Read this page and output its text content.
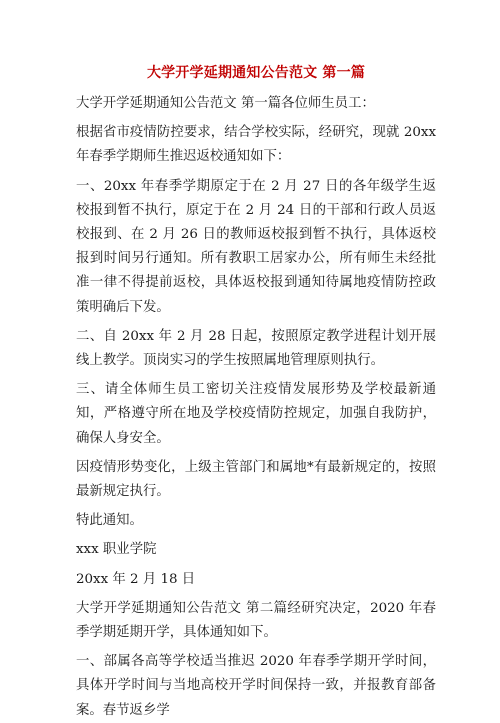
大学开学延期通知公告范文 第一篇

大学开学延期通知公告范文 第一篇各位师生员工：

根据省市疫情防控要求，结合学校实际，经研究，现就 20xx 年春季学期师生推迟返校通知如下：

一、20xx 年春季学期原定于在 2 月 27 日的各年级学生返校报到暂不执行，原定于在 2 月 24 日的干部和行政人员返校报到、在 2 月 26 日的教师返校报到暂不执行，具体返校报到时间另行通知。所有教职工居家办公，所有师生未经批准一律不得提前返校，具体返校报到通知待属地疫情防控政策明确后下发。

二、自 20xx 年 2 月 28 日起，按照原定教学进程计划开展线上教学。顶岗实习的学生按照属地管理原则执行。

三、请全体师生员工密切关注疫情发展形势及学校最新通知，严格遵守所在地及学校疫情防控规定，加强自我防护，确保人身安全。

因疫情形势变化，上级主管部门和属地*有最新规定的，按照最新规定执行。

特此通知。

xxx 职业学院

20xx 年 2 月 18 日

大学开学延期通知公告范文 第二篇经研究决定，2020 年春季学期延期开学，具体通知如下。

一、部属各高等学校适当推迟 2020 年春季学期开学时间，具体开学时间与当地高校开学时间保持一致，并报教育部备案。春节返乡学
